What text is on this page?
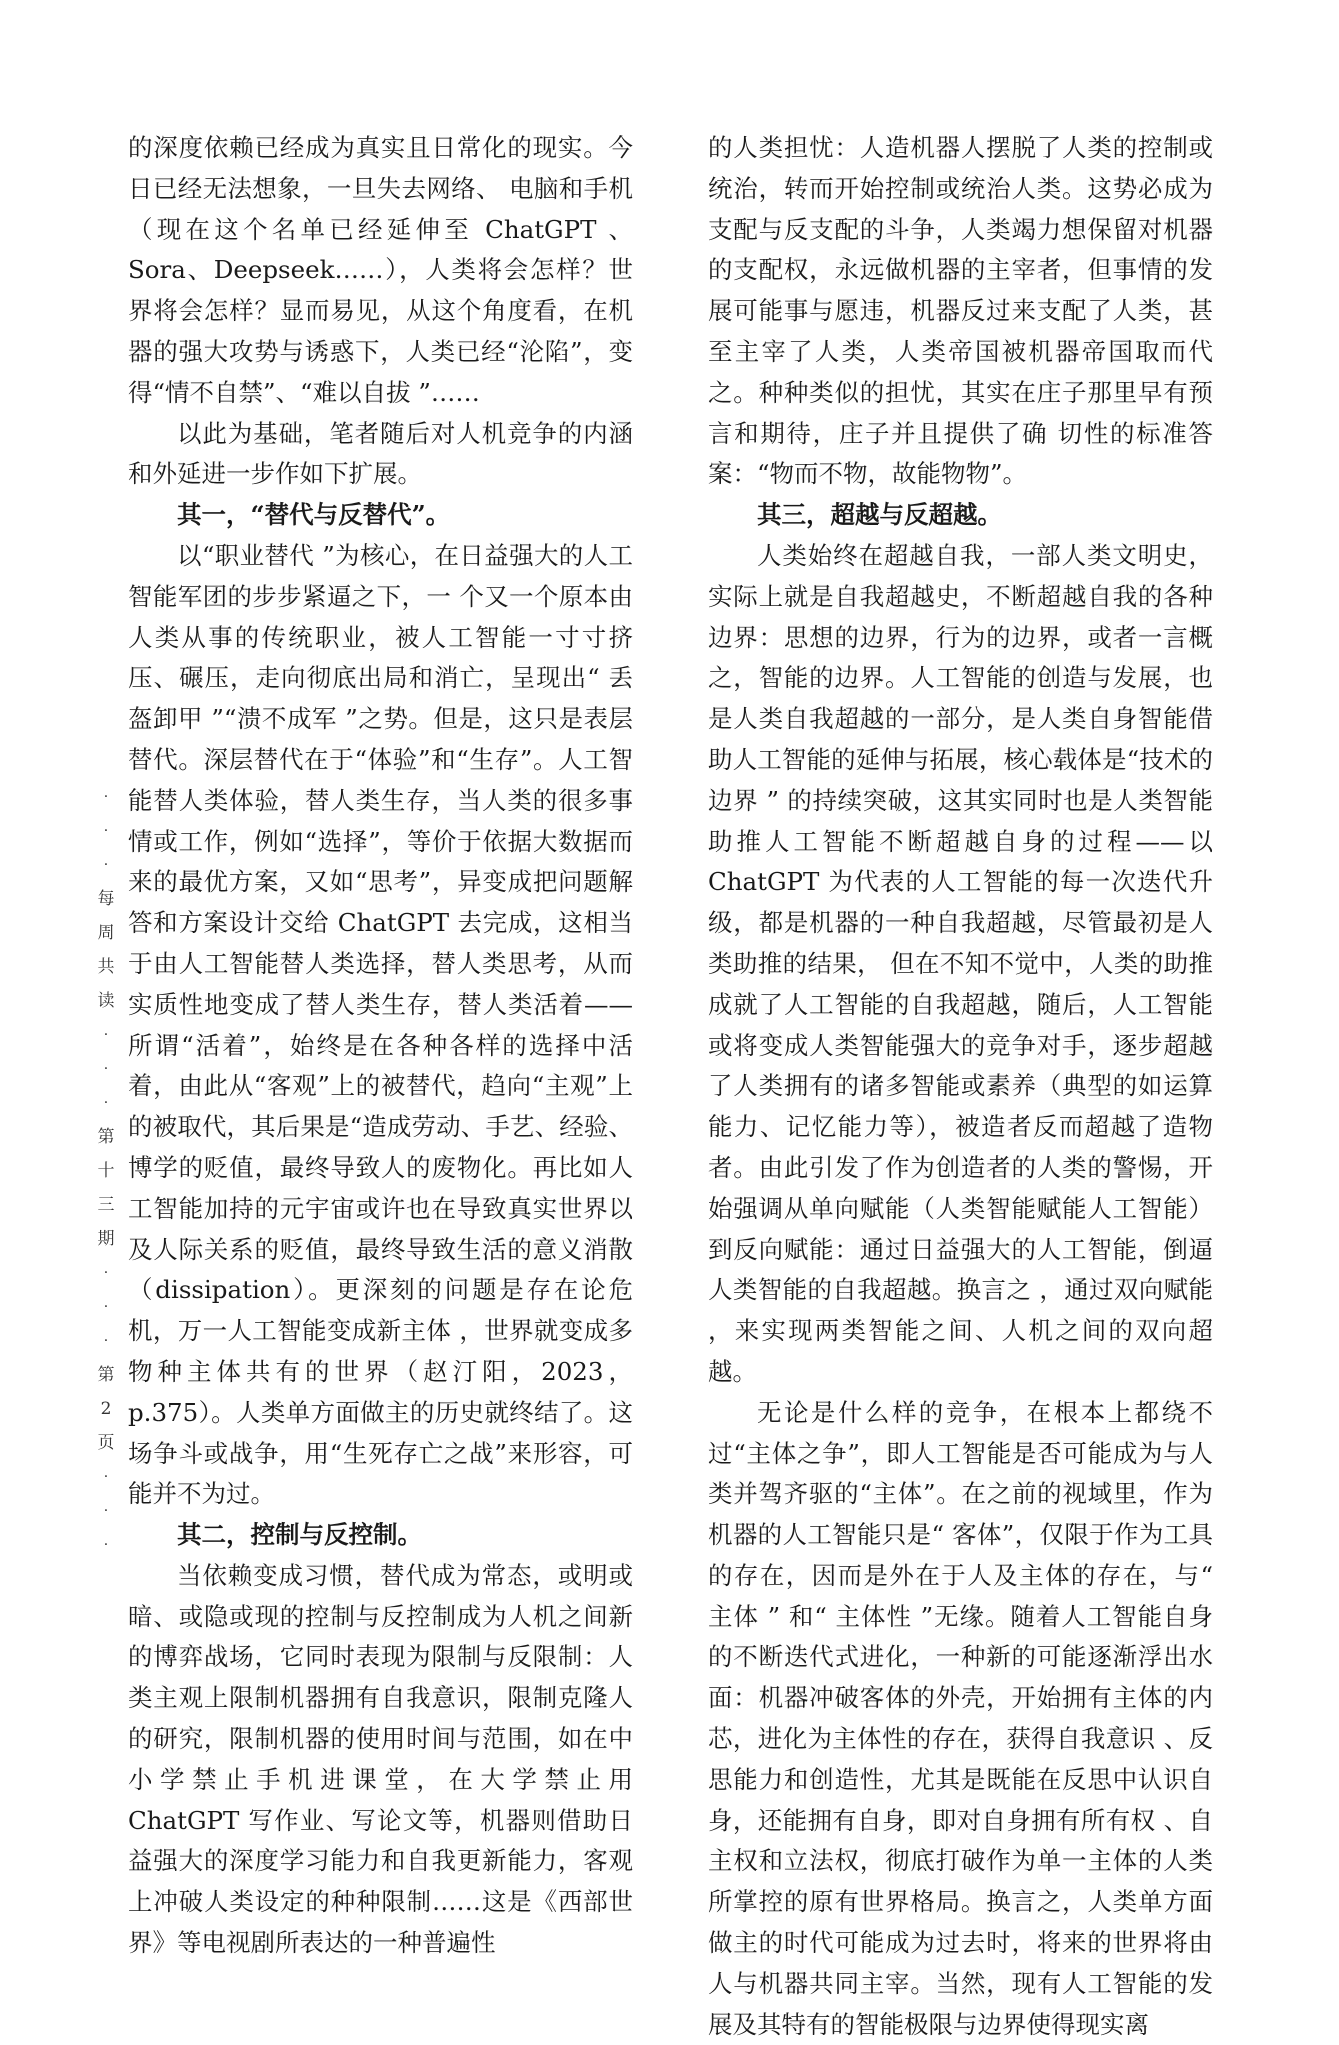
的深度依赖已经成为真实且日常化的现实。今日已经无法想象，一旦失去网络、 电脑和手机（现在这个名单已经延伸至 ChatGPT 、Sora、Deepseek……），人类将会怎样？世界将会怎样？显而易见，从这个角度看，在机器的强大攻势与诱惑下，人类已经“沦陷”，变得“情不自禁”、“难以自拔 ”……

以此为基础，笔者随后对人机竞争的内涵和外延进一步作如下扩展。

其一，“替代与反替代”。

以“职业替代 ”为核心，在日益强大的人工智能军团的步步紧逼之下，一 个又一个原本由人类从事的传统职业，被人工智能一寸寸挤压、碾压，走向彻底出局和消亡，呈现出“ 丢盔卸甲 ”“溃不成军 ”之势。但是，这只是表层替代。深层替代在于“体验”和“生存”。人工智能替人类体验，替人类生存，当人类的很多事情或工作，例如“选择”，等价于依据大数据而来的最优方案，又如“思考”，异变成把问题解答和方案设计交给 ChatGPT 去完成，这相当于由人工智能替人类选择，替人类思考，从而实质性地变成了替人类生存，替人类活着——所谓“活着”，始终是在各种各样的选择中活着，由此从“客观”上的被替代，趋向“主观”上的被取代，其后果是“造成劳动、手艺、经验、博学的贬值，最终导致人的废物化。再比如人工智能加持的元宇宙或许也在导致真实世界以及人际关系的贬值，最终导致生活的意义消散（dissipation）。更深刻的问题是存在论危机，万一人工智能变成新主体 ，世界就变成多物种主体共有的世界（赵汀阳，2023，p.375）。人类单方面做主的历史就终结了。这场争斗或战争，用“生死存亡之战”来形容，可能并不为过。

其二，控制与反控制。

当依赖变成习惯，替代成为常态，或明或暗、或隐或现的控制与反控制成为人机之间新的博弈战场，它同时表现为限制与反限制：人类主观上限制机器拥有自我意识，限制克隆人的研究，限制机器的使用时间与范围，如在中小学禁止手机进课堂，在大学禁止用 ChatGPT 写作业、写论文等，机器则借助日益强大的深度学习能力和自我更新能力，客观上冲破人类设定的种种限制……这是《西部世界》等电视剧所表达的一种普遍性

的人类担忧：人造机器人摆脱了人类的控制或统治，转而开始控制或统治人类。这势必成为支配与反支配的斗争，人类竭力想保留对机器的支配权，永远做机器的主宰者，但事情的发展可能事与愿违，机器反过来支配了人类，甚至主宰了人类，人类帝国被机器帝国取而代之。种种类似的担忧，其实在庄子那里早有预言和期待，庄子并且提供了确 切性的标准答案：“物而不物，故能物物”。

其三，超越与反超越。

人类始终在超越自我，一部人类文明史，实际上就是自我超越史，不断超越自我的各种边界：思想的边界，行为的边界，或者一言概之，智能的边界。人工智能的创造与发展，也是人类自我超越的一部分，是人类自身智能借助人工智能的延伸与拓展，核心载体是“技术的边界 ” 的持续突破，这其实同时也是人类智能助推人工智能不断超越自身的过程——以 ChatGPT 为代表的人工智能的每一次迭代升级，都是机器的一种自我超越，尽管最初是人类助推的结果， 但在不知不觉中，人类的助推成就了人工智能的自我超越，随后，人工智能或将变成人类智能强大的竞争对手，逐步超越了人类拥有的诸多智能或素养（典型的如运算能力、记忆能力等），被造者反而超越了造物者。由此引发了作为创造者的人类的警惕，开始强调从单向赋能（人类智能赋能人工智能）到反向赋能：通过日益强大的人工智能，倒逼人类智能的自我超越。换言之 ，通过双向赋能 ，来实现两类智能之间、人机之间的双向超越。

无论是什么样的竞争，在根本上都绕不过“主体之争”，即人工智能是否可能成为与人类并驾齐驱的“主体”。在之前的视域里，作为机器的人工智能只是“ 客体”，仅限于作为工具的存在，因而是外在于人及主体的存在，与“ 主体 ” 和“ 主体性 ”无缘。随着人工智能自身的不断迭代式进化，一种新的可能逐渐浮出水面：机器冲破客体的外壳，开始拥有主体的内芯，进化为主体性的存在，获得自我意识 、反思能力和创造性，尤其是既能在反思中认识自身，还能拥有自身，即对自身拥有所有权 、自主权和立法权，彻底打破作为单一主体的人类所掌控的原有世界格局。换言之，人类单方面做主的时代可能成为过去时，将来的世界将由人与机器共同主宰。当然，现有人工智能的发展及其特有的智能极限与边界使得现实离

·
·
·
每
周
共
读
·
·
·
第
十
三
期
·
·
·
第
2
页
·
·
·
